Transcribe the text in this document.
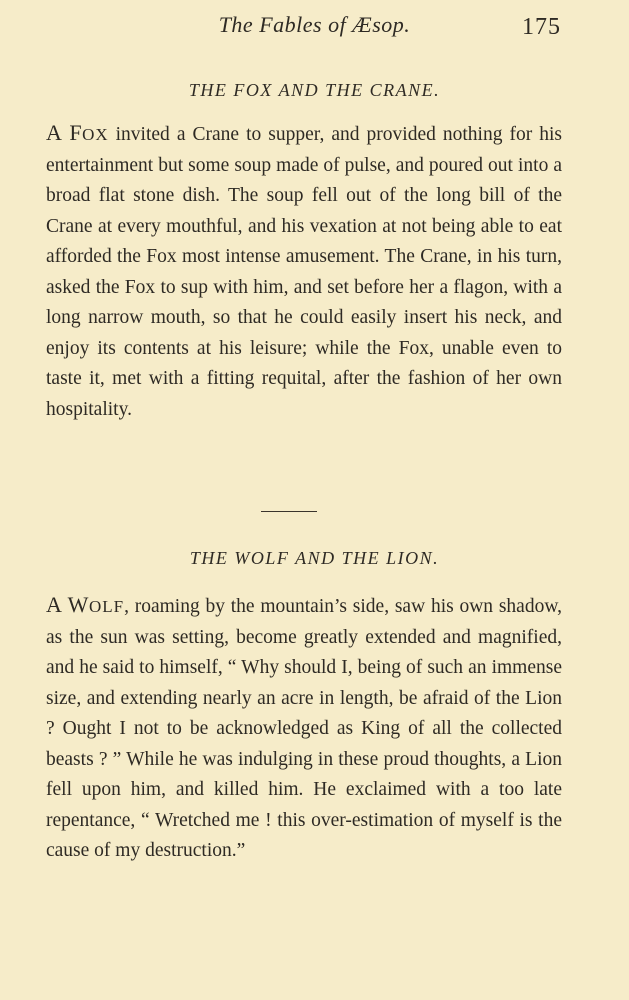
The Fables of Æsop.	175
THE FOX AND THE CRANE.

A FOX invited a Crane to supper, and provided nothing for his entertainment but some soup made of pulse, and poured out into a broad flat stone dish. The soup fell out of the long bill of the Crane at every mouthful, and his vexation at not being able to eat afforded the Fox most intense amusement. The Crane, in his turn, asked the Fox to sup with him, and set before her a flagon, with a long narrow mouth, so that he could easily insert his neck, and enjoy its contents at his leisure; while the Fox, unable even to taste it, met with a fitting requital, after the fashion of her own hospitality.

THE WOLF AND THE LION.

A WOLF, roaming by the mountain’s side, saw his own shadow, as the sun was setting, become greatly extended and magnified, and he said to himself, “ Why should I, being of such an immense size, and extending nearly an acre in length, be afraid of the Lion ? Ought I not to be acknowledged as King of all the collected beasts ? ” While he was indulging in these proud thoughts, a Lion fell upon him, and killed him. He exclaimed with a too late repentance, “ Wretched me ! this over-estimation of myself is the cause of my destruction.”
